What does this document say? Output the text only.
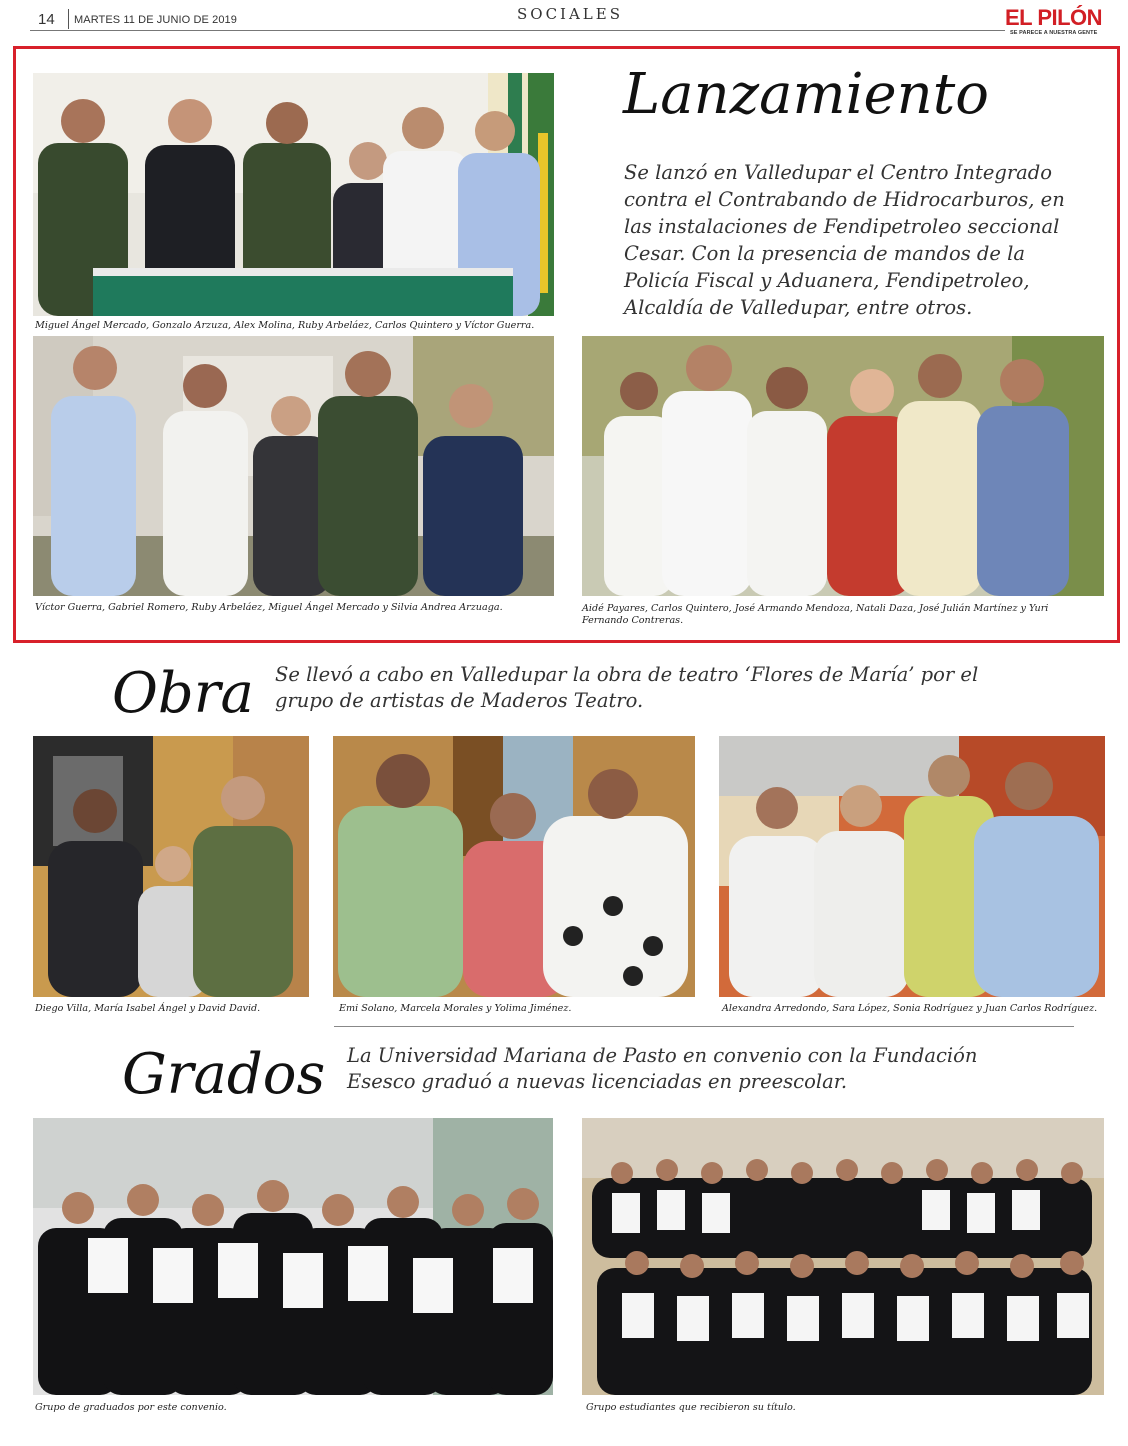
14 MARTES 11 DE JUNIO DE 2019	SOCIALES	EL PILÓN
SE PARECE A NUESTRA GENTE
Miguel Ángel Mercado, Gonzalo Arzuza, Alex Molina, Ruby Arbeláez, Carlos Quintero y Víctor Guerra.
Lanzamiento
Se lanzó en Valledupar el Centro Integrado
contra el Contrabando de Hidrocarburos, en
las instalaciones de Fendipetroleo seccional
Cesar. Con la presencia de mandos de la
Policía Fiscal y Aduanera, Fendipetroleo,
Alcaldía de Valledupar, entre otros.
Víctor Guerra, Gabriel Romero, Ruby Arbeláez, Miguel Ángel Mercado y Silvia Andrea Arzuaga.	Aidé Payares, Carlos Quintero, José Armando Mendoza, Natali Daza, José Julián Martínez y Yuri
Fernando Contreras.
Obra Se llevó a cabo en Valledupar la obra de teatro ‘Flores de María’ por el
grupo de artistas de Maderos Teatro.
Diego Villa, María Isabel Ángel y David David.	Emi Solano, Marcela Morales y Yolima Jiménez.	Alexandra Arredondo, Sara López, Sonia Rodríguez y Juan Carlos Rodríguez.
Grados La Universidad Mariana de Pasto en convenio con la Fundación
Esesco graduó a nuevas licenciadas en preescolar.
Grupo de graduados por este convenio.	Grupo estudiantes que recibieron su título.
